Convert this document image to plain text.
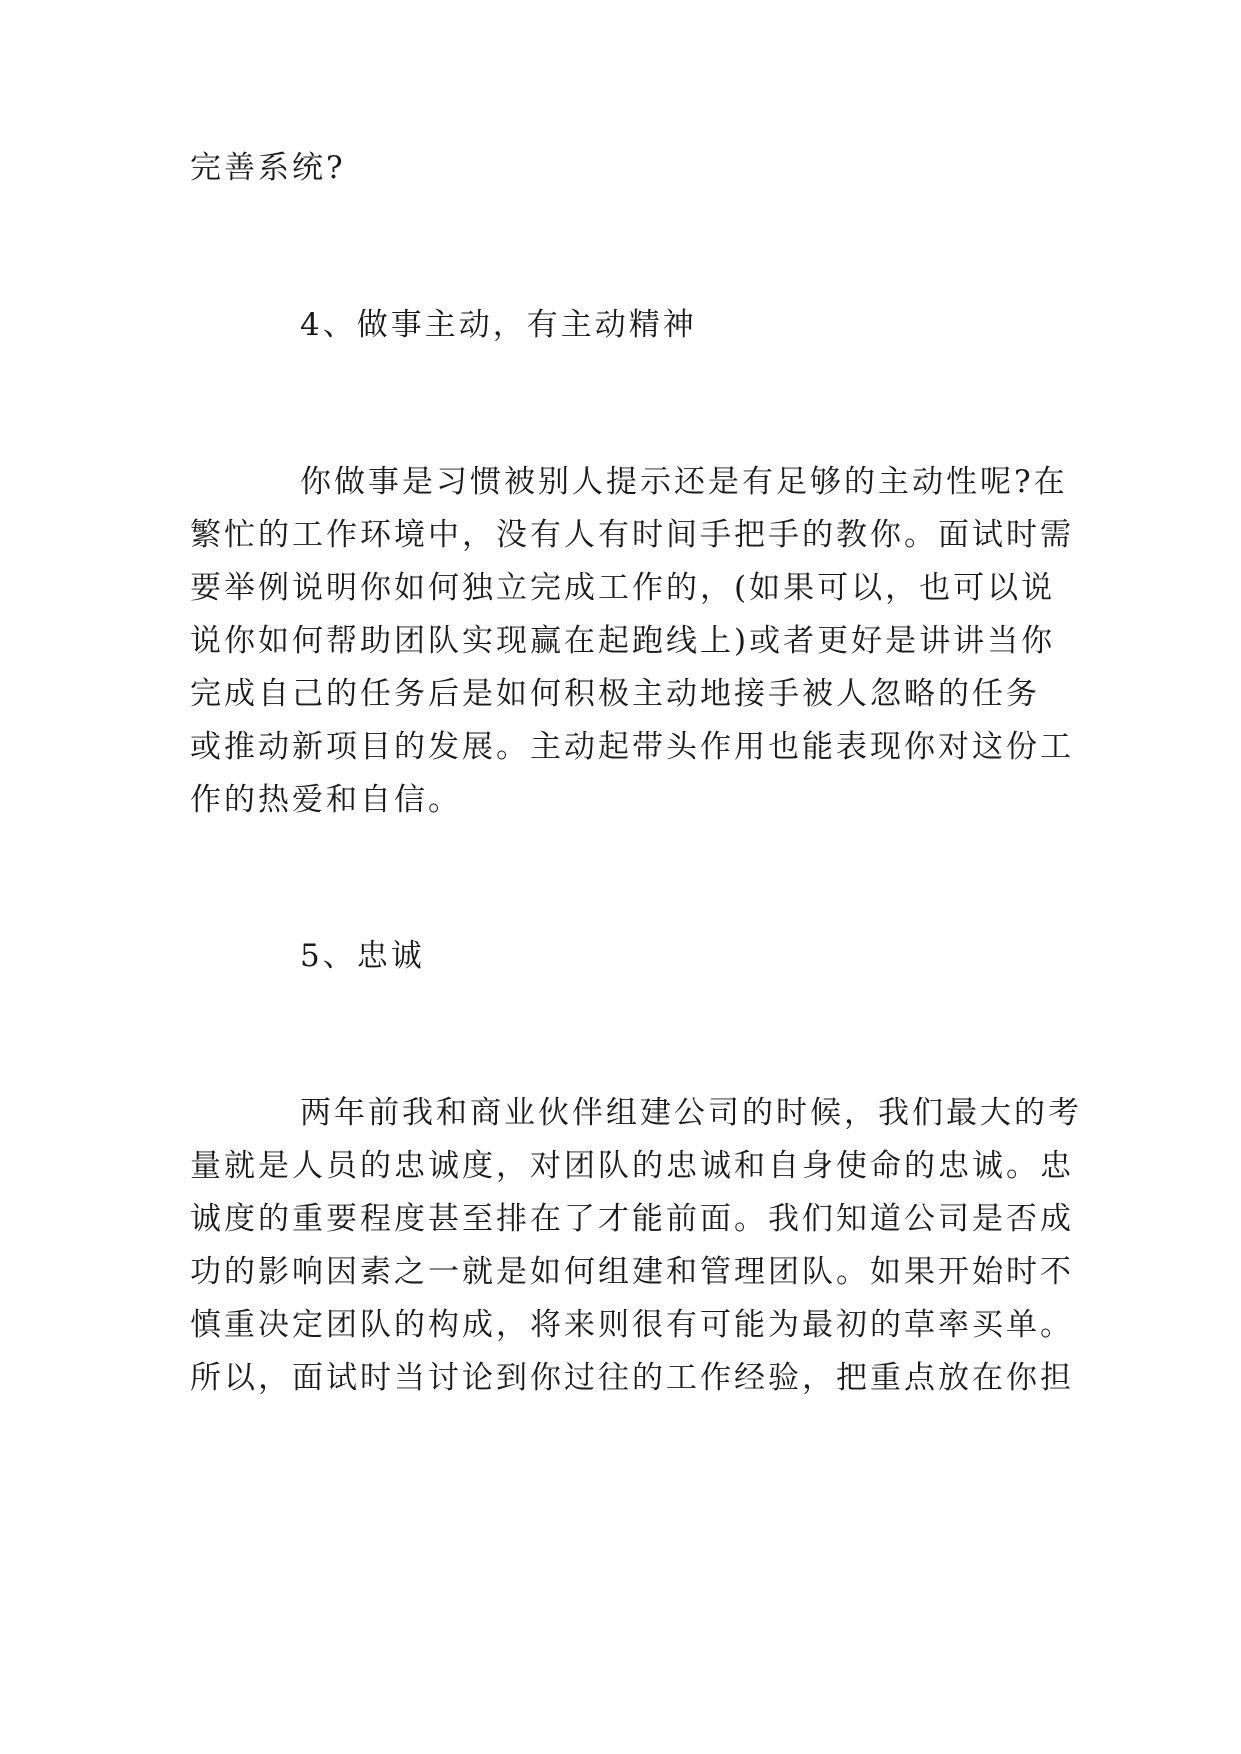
完善系统?
4、做事主动，有主动精神
你做事是习惯被别人提示还是有足够的主动性呢?在
繁忙的工作环境中，没有人有时间手把手的教你。面试时需
要举例说明你如何独立完成工作的，(如果可以，也可以说
说你如何帮助团队实现赢在起跑线上)或者更好是讲讲当你
完成自己的任务后是如何积极主动地接手被人忽略的任务
或推动新项目的发展。主动起带头作用也能表现你对这份工
作的热爱和自信。
5、忠诚
两年前我和商业伙伴组建公司的时候，我们最大的考
量就是人员的忠诚度，对团队的忠诚和自身使命的忠诚。忠
诚度的重要程度甚至排在了才能前面。我们知道公司是否成
功的影响因素之一就是如何组建和管理团队。如果开始时不
慎重决定团队的构成，将来则很有可能为最初的草率买单。
所以，面试时当讨论到你过往的工作经验，把重点放在你担
